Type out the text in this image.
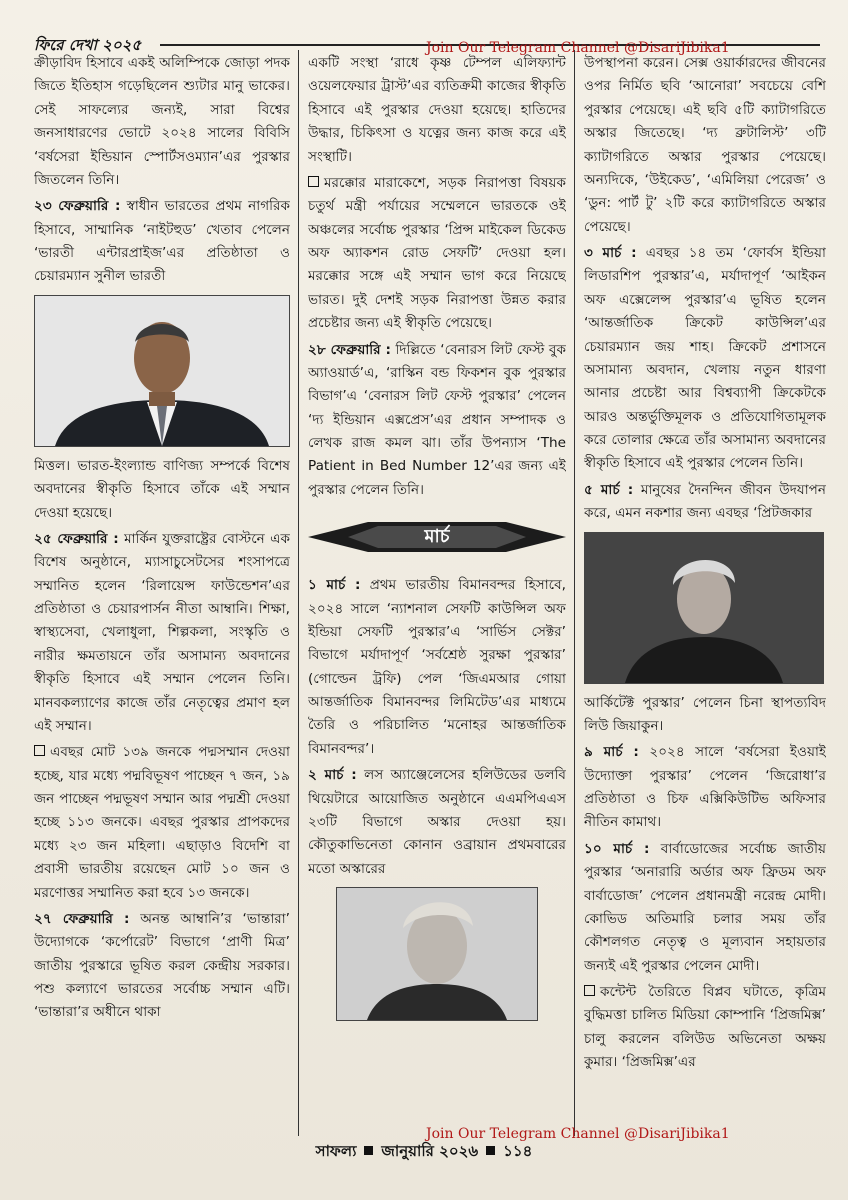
ফিরে দেখা ২০২৫	Join Our Telegram Channel @DisariJibika1

ক্রীড়াবিদ হিসাবে একই অলিম্পিকে জোড়া পদক জিতে ইতিহাস গড়েছিলেন শ্যুটার মানু ভাকের। সেই সাফল্যের জন্যই, সারা বিশ্বের জনসাধারণের ভোটে ২০২৪ সালের বিবিসি ‘বর্ষসেরা ইন্ডিয়ান স্পোর্টসওম্যান’এর পুরস্কার জিতলেন তিনি।

২৩ ফেব্রুয়ারি : স্বাধীন ভারতের প্রথম নাগরিক হিসাবে, সাম্মানিক ‘নাইটহুড’ খেতাব পেলেন ‘ভারতী এন্টারপ্রাইজ’এর প্রতিষ্ঠাতা ও চেয়ারম্যান সুনীল ভারতী

মিত্তল। ভারত-ইংল্যান্ড বাণিজ্য সম্পর্কে বিশেষ অবদানের স্বীকৃতি হিসাবে তাঁকে এই সম্মান দেওয়া হয়েছে।

২৫ ফেব্রুয়ারি : মার্কিন যুক্তরাষ্ট্রের বোস্টনে এক বিশেষ অনুষ্ঠানে, ম্যাসাচুসেটসের শংসাপত্রে সম্মানিত হলেন ‘রিলায়েন্স ফাউন্ডেশন’এর প্রতিষ্ঠাতা ও চেয়ারপার্সন নীতা আম্বানি। শিক্ষা, স্বাস্থ্যসেবা, খেলাধুলা, শিল্পকলা, সংস্কৃতি ও নারীর ক্ষমতায়নে তাঁর অসামান্য অবদানের স্বীকৃতি হিসাবে এই সম্মান পেলেন তিনি। মানবকল্যাণের কাজে তাঁর নেতৃত্বের প্রমাণ হল এই সম্মান।

এবছর মোট ১৩৯ জনকে পদ্মসম্মান দেওয়া হচ্ছে, যার মধ্যে পদ্মবিভূষণ পাচ্ছেন ৭ জন, ১৯ জন পাচ্ছেন পদ্মভূষণ সম্মান আর পদ্মশ্রী দেওয়া হচ্ছে ১১৩ জনকে। এবছর পুরস্কার প্রাপকদের মধ্যে ২৩ জন মহিলা। এছাড়াও বিদেশি বা প্রবাসী ভারতীয় রয়েছেন মোট ১০ জন ও মরণোত্তর সম্মানিত করা হবে ১৩ জনকে।

২৭ ফেব্রুয়ারি : অনন্ত আম্বানি’র ‘ভান্তারা’ উদ্যোগকে ‘কর্পোরেট’ বিভাগে ‘প্রাণী মিত্র’ জাতীয় পুরস্কারে ভূষিত করল কেন্দ্রীয় সরকার। পশু কল্যাণে ভারতের সর্বোচ্চ সম্মান এটি। ‘ভান্তারা’র অধীনে থাকা

একটি সংস্থা ‘রাধে কৃষ্ণ টেম্পল এলিফ্যান্ট ওয়েলফেয়ার ট্রাস্ট’এর ব্যতিক্রমী কাজের স্বীকৃতি হিসাবে এই পুরস্কার দেওয়া হয়েছে। হাতিদের উদ্ধার, চিকিৎসা ও যত্নের জন্য কাজ করে এই সংস্থাটি।

মরক্কোর মারাকেশে, সড়ক নিরাপত্তা বিষয়ক চতুর্থ মন্ত্রী পর্যায়ের সম্মেলনে ভারতকে ওই অঞ্চলের সর্বোচ্চ পুরস্কার ‘প্রিন্স মাইকেল ডিকেড অফ অ্যাকশন রোড সেফটি’ দেওয়া হল। মরক্কোর সঙ্গে এই সম্মান ভাগ করে নিয়েছে ভারত। দুই দেশই সড়ক নিরাপত্তা উন্নত করার প্রচেষ্টার জন্য এই স্বীকৃতি পেয়েছে।

২৮ ফেব্রুয়ারি : দিল্লিতে ‘বেনারস লিট ফেস্ট বুক অ্যাওয়ার্ড’এ, ‘রাস্কিন বন্ড ফিকশন বুক পুরস্কার বিভাগ’এ ‘বেনারস লিট ফেস্ট পুরস্কার’ পেলেন ‘দ্য ইন্ডিয়ান এক্সপ্রেস’এর প্রধান সম্পাদক ও লেখক রাজ কমল ঝা। তাঁর উপন্যাস ‘The Patient in Bed Number 12’এর জন্য এই পুরস্কার পেলেন তিনি।

মার্চ

১ মার্চ : প্রথম ভারতীয় বিমানবন্দর হিসাবে, ২০২৪ সালে ‘ন্যাশনাল সেফটি কাউন্সিল অফ ইন্ডিয়া সেফটি পুরস্কার’এ ‘সার্ভিস সেক্টর’ বিভাগে মর্যাদাপূর্ণ ‘সর্বশ্রেষ্ঠ সুরক্ষা পুরস্কার’ (গোল্ডেন ট্রফি) পেল ‘জিএমআর গোয়া আন্তর্জাতিক বিমানবন্দর লিমিটেড’এর মাধ্যমে তৈরি ও পরিচালিত ‘মনোহর আন্তর্জাতিক বিমানবন্দর’।

২ মার্চ : লস অ্যাঞ্জেলেসের হলিউডের ডলবি থিয়েটারে আয়োজিত অনুষ্ঠানে এএমপিএএস ২৩টি বিভাগে অস্কার দেওয়া হয়। কৌতুকাভিনেতা কোনান ওব্রায়ান প্রথমবারের মতো অস্কারের

উপস্থাপনা করেন। সেক্স ওয়ার্কারদের জীবনের ওপর নির্মিত ছবি ‘আনোরা’ সবচেয়ে বেশি পুরস্কার পেয়েছে। এই ছবি ৫টি ক্যাটাগরিতে অস্কার জিতেছে। ‘দ্য ব্রুটালিস্ট’ ৩টি ক্যাটাগরিতে অস্কার পুরস্কার পেয়েছে। অন্যদিকে, ‘উইকেড’, ‘এমিলিয়া পেরেজ’ ও ‘ডুন: পার্ট টু’ ২টি করে ক্যাটাগরিতে অস্কার পেয়েছে।

৩ মার্চ : এবছর ১৪ তম ‘ফোর্বস ইন্ডিয়া লিডারশিপ পুরস্কার’এ, মর্যাদাপূর্ণ ‘আইকন অফ এক্সেলেন্স পুরস্কার’এ ভূষিত হলেন ‘আন্তর্জাতিক ক্রিকেট কাউন্সিল’এর চেয়ারম্যান জয় শাহ। ক্রিকেট প্রশাসনে অসামান্য অবদান, খেলায় নতুন ধারণা আনার প্রচেষ্টা আর বিশ্বব্যাপী ক্রিকেটকে আরও অন্তর্ভুক্তিমূলক ও প্রতিযোগিতামূলক করে তোলার ক্ষেত্রে তাঁর অসামান্য অবদানের স্বীকৃতি হিসাবে এই পুরস্কার পেলেন তিনি।

৫ মার্চ : মানুষের দৈনন্দিন জীবন উদযাপন করে, এমন নকশার জন্য এবছর ‘প্রিটজকার

আর্কিটেক্ট পুরস্কার’ পেলেন চিনা স্থাপত্যবিদ লিউ জিয়াকুন।

৯ মার্চ : ২০২৪ সালে ‘বর্ষসেরা ইওয়াই উদ্যোক্তা পুরস্কার’ পেলেন ‘জিরোধা’র প্রতিষ্ঠাতা ও চিফ এক্সিকিউটিভ অফিসার নীতিন কামাথ।

১০ মার্চ : বার্বাডোজের সর্বোচ্চ জাতীয় পুরস্কার ‘অনারারি অর্ডার অফ ফ্রিডম অফ বার্বাডোজ’ পেলেন প্রধানমন্ত্রী নরেন্দ্র মোদী। কোভিড অতিমারি চলার সময় তাঁর কৌশলগত নেতৃত্ব ও মূল্যবান সহায়তার জন্যই এই পুরস্কার পেলেন মোদী।

কন্টেন্ট তৈরিতে বিপ্লব ঘটাতে, কৃত্রিম বুদ্ধিমত্তা চালিত মিডিয়া কোম্পানি ‘প্রিজমিক্স’ চালু করলেন বলিউড অভিনেতা অক্ষয় কুমার। ‘প্রিজমিক্স’এর

Join Our Telegram Channel @DisariJibika1
সাফল্য জানুয়ারি ২০২৬ ১১৪
